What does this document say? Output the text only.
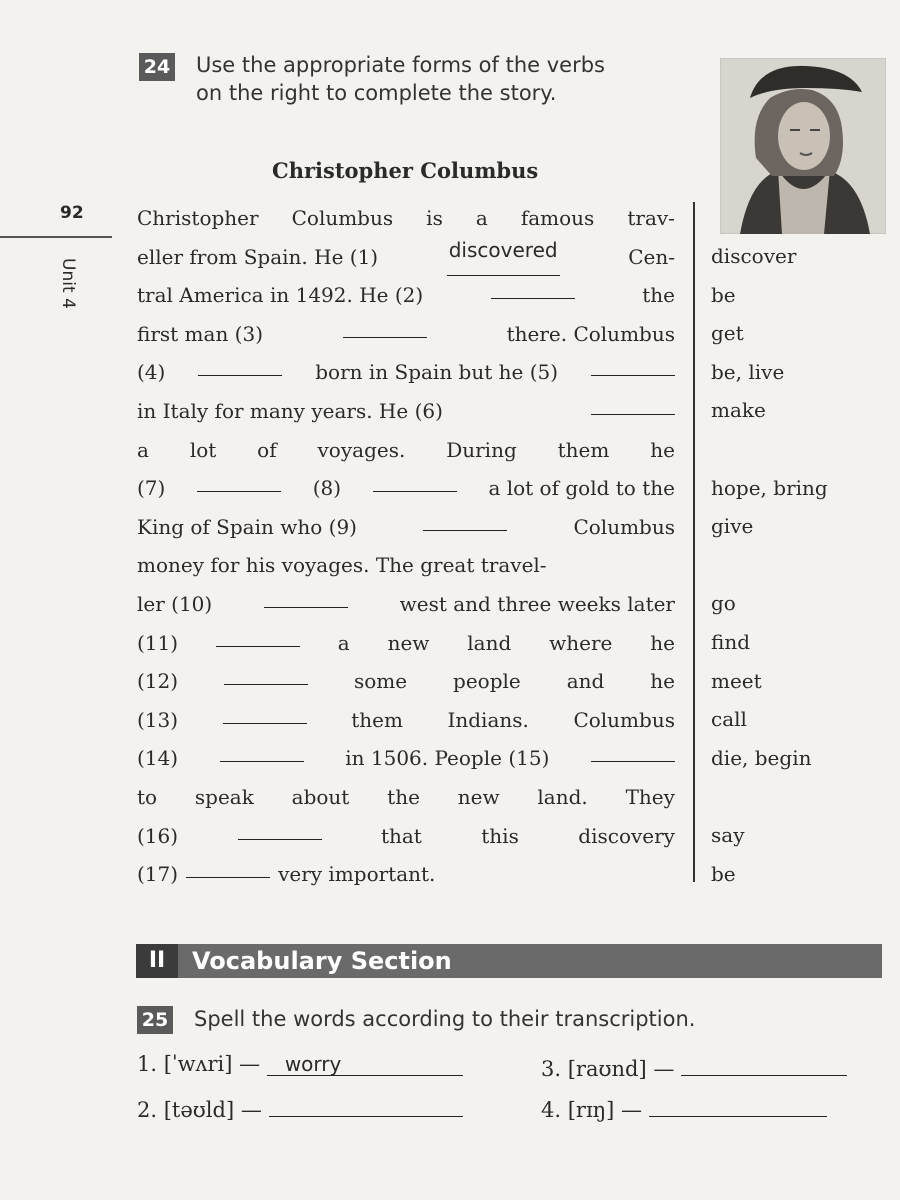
24 Use the appropriate forms of the verbs
on the right to complete the story.
Christopher Columbus
92
Unit 4
Christopher Columbus is a famous trav-
eller from Spain. He (1)	discovered	Cen-
tral America in 1492. He (2)	the
first man (3)	there. Columbus
(4)	born in Spain but he (5)
in Italy for many years. He (6)
a lot of voyages. During them he
(7)	(8)	a lot of gold to the
King of Spain who (9)	Columbus
money for his voyages. The great travel-
ler (10)	west and three weeks later
(11)	a new land where he
(12)	some people and he
(13)	them Indians. Columbus
(14)	in 1506. People (15)
to speak about the new land. They
(16)	that	this	discovery
(17)	very important.
discover
be
get
be, live
make
hope, bring
give
go
find
meet
call
die, begin
say
be
II	Vocabulary Section
25 Spell the words according to their transcription.
1. [ˈwʌri] — worry
2. [təʊld] —
3. [raʊnd] —
4. [rɪŋ] —
